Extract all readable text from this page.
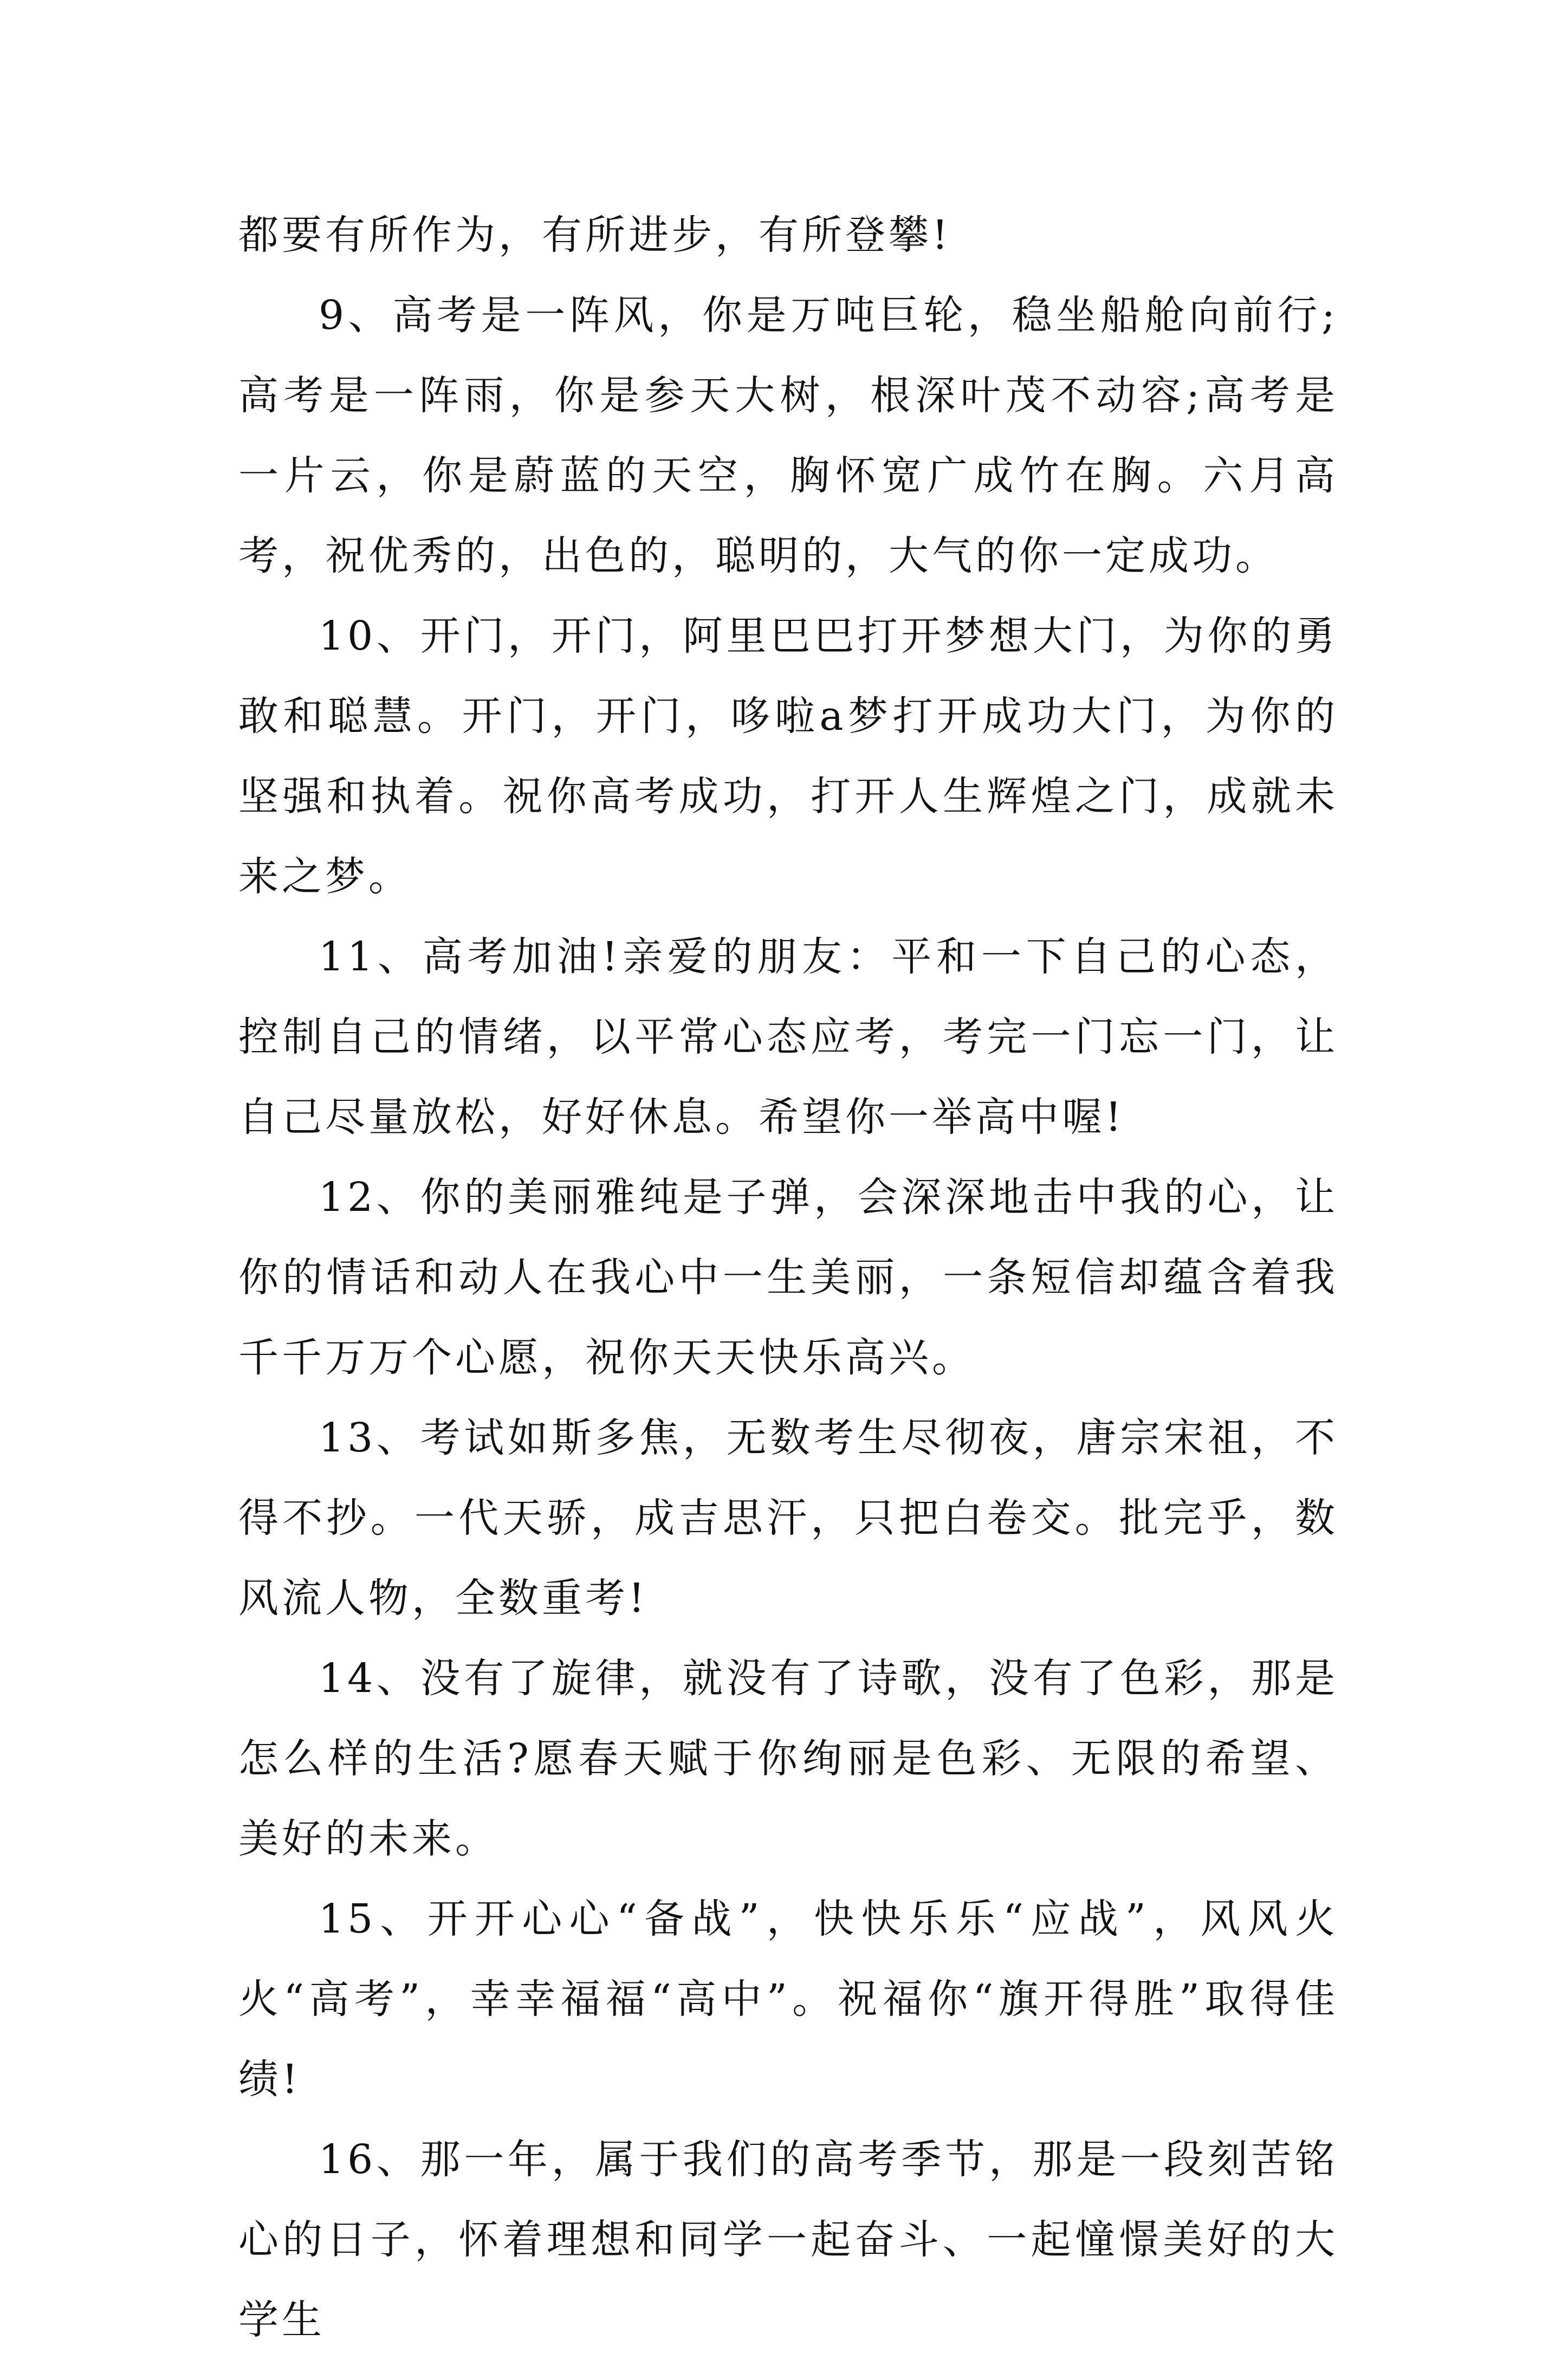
都要有所作为，有所进步，有所登攀!

9、高考是一阵风，你是万吨巨轮，稳坐船舱向前行;高考是一阵雨，你是参天大树，根深叶茂不动容;高考是一片云，你是蔚蓝的天空，胸怀宽广成竹在胸。六月高考，祝优秀的，出色的，聪明的，大气的你一定成功。

10、开门，开门，阿里巴巴打开梦想大门，为你的勇敢和聪慧。开门，开门，哆啦a梦打开成功大门，为你的坚强和执着。祝你高考成功，打开人生辉煌之门，成就未来之梦。

11、高考加油!亲爱的朋友：平和一下自己的心态，控制自己的情绪，以平常心态应考，考完一门忘一门，让自己尽量放松，好好休息。希望你一举高中喔!

12、你的美丽雅纯是子弹，会深深地击中我的心，让你的情话和动人在我心中一生美丽，一条短信却蕴含着我千千万万个心愿，祝你天天快乐高兴。

13、考试如斯多焦，无数考生尽彻夜，唐宗宋祖，不得不抄。一代天骄，成吉思汗，只把白卷交。批完乎，数风流人物，全数重考!

14、没有了旋律，就没有了诗歌，没有了色彩，那是怎么样的生活?愿春天赋于你绚丽是色彩、无限的希望、美好的未来。

15、开开心心“备战”，快快乐乐“应战”，风风火火“高考”，幸幸福福“高中”。祝福你“旗开得胜”取得佳绩!

16、那一年，属于我们的高考季节，那是一段刻苦铭心的日子，怀着理想和同学一起奋斗、一起憧憬美好的大学生
